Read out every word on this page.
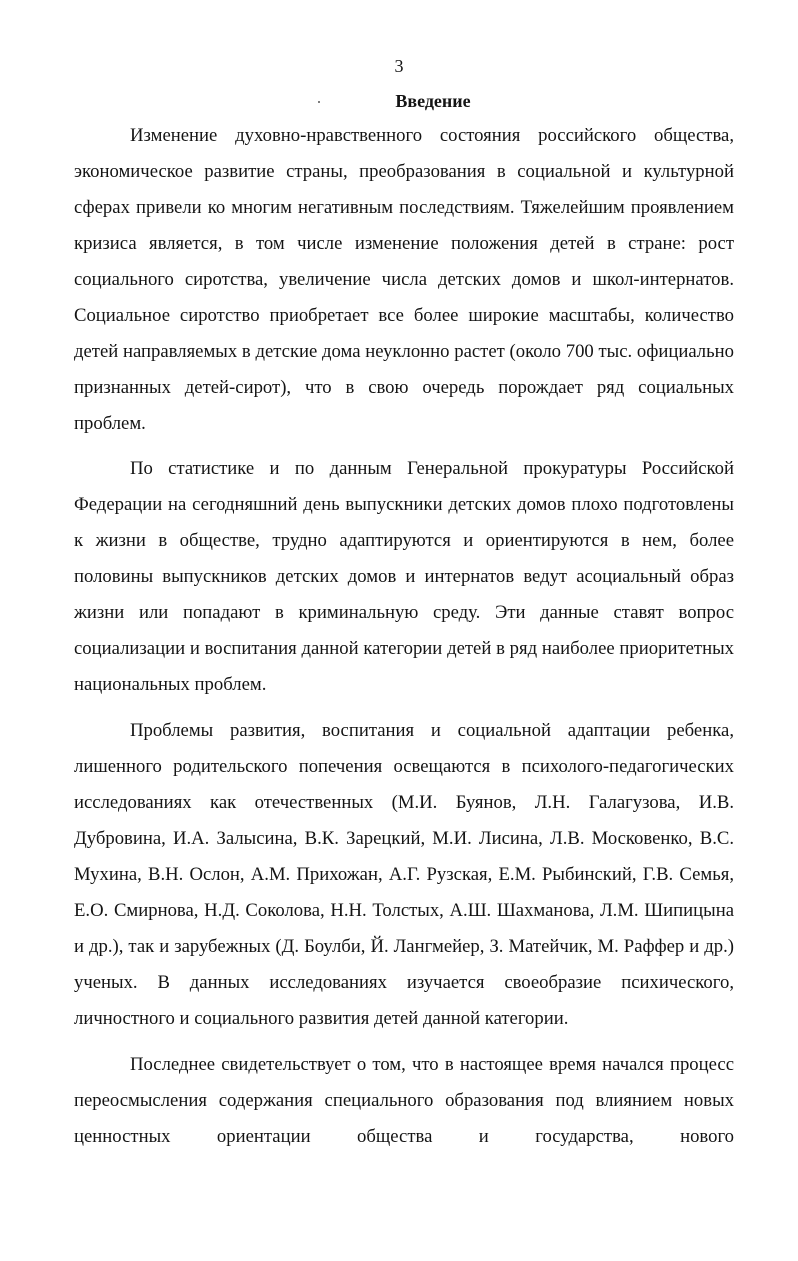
3
Введение

Изменение духовно-нравственного состояния российского общества, экономическое развитие страны, преобразования в социальной и культурной сферах привели ко многим негативным последствиям. Тяжелейшим проявлением кризиса является, в том числе изменение положения детей в стране: рост социального сиротства, увеличение числа детских домов и школ-интернатов. Социальное сиротство приобретает все более широкие масштабы, количество детей направляемых в детские дома неуклонно растет (около 700 тыс. официально признанных детей-сирот), что в свою очередь порождает ряд социальных проблем.

По статистике и по данным Генеральной прокуратуры Российской Федерации на сегодняшний день выпускники детских домов плохо подготовлены к жизни в обществе, трудно адаптируются и ориентируются в нем, более половины выпускников детских домов и интернатов ведут асоциальный образ жизни или попадают в криминальную среду. Эти данные ставят вопрос социализации и воспитания данной категории детей в ряд наиболее приоритетных национальных проблем.

Проблемы развития, воспитания и социальной адаптации ребенка, лишенного родительского попечения освещаются в психолого-педагогических исследованиях как отечественных (М.И. Буянов, Л.Н. Галагузова, И.В. Дубровина, И.А. Залысина, В.К. Зарецкий, М.И. Лисина, Л.В. Московенко, В.С. Мухина, В.Н. Ослон, А.М. Прихожан, А.Г. Рузская, Е.М. Рыбинский, Г.В. Семья, Е.О. Смирнова, Н.Д. Соколова, Н.Н. Толстых, А.Ш. Шахманова, Л.М. Шипицына и др.), так и зарубежных (Д. Боулби, Й. Лангмейер, З. Матейчик, М. Раффер и др.) ученых. В данных исследованиях изучается своеобразие психического, личностного и социального развития детей данной категории.

Последнее свидетельствует о том, что в настоящее время начался процесс переосмысления содержания специального образования под влиянием новых ценностных ориентации общества и государства, нового
